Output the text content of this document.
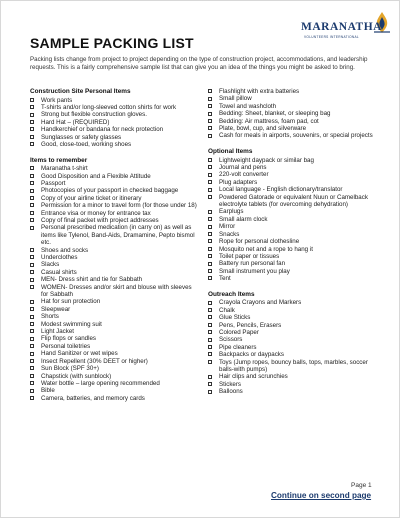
MARANATHA
VOLUNTEERS INTERNATIONAL
SAMPLE PACKING LIST
Packing lists change from project to project depending on the type of construction project, accommodations, and leadership requests. This is a fairly comprehensive sample list that can give you an idea of the things you might be asked to bring.
Construction Site Personal Items
Work pants
T-shirts and/or long-sleeved cotton shirts for work
Strong but flexible construction gloves.
Hard Hat – (REQUIRED)
Handkerchief or bandana for neck protection
Sunglasses or safety glasses
Good, close-toed, working shoes
Items to remember
Maranatha t-shirt
Good Disposition and a Flexible Attitude
Passport
Photocopies of your passport in checked baggage
Copy of your airline ticket or itinerary
Permission for a minor to travel form (for those under 18)
Entrance visa or money for entrance tax
Copy of final packet with project addresses
Personal prescribed medication (in carry on) as well as items like Tylenol, Band-Aids, Dramamine, Pepto bismol etc.
Shoes and socks
Underclothes
Slacks
Casual shirts
MEN- Dress shirt and tie for Sabbath
WOMEN- Dresses and/or skirt and blouse with sleeves for Sabbath
Hat for sun protection
Sleepwear
Shorts
Modest swimming suit
Light Jacket
Flip flops or sandles
Personal toiletries
Hand Sanitizer or wet wipes
Insect Repellent (30% DEET or higher)
Sun Block (SPF 30+)
Chapstick (with sunblock)
Water bottle – large opening recommended
Bible
Camera, batteries, and memory cards
Flashlight with extra batteries
Small pillow
Towel and washcloth
Bedding: Sheet, blanket, or sleeping bag
Bedding: Air mattress, foam pad, cot
Plate, bowl, cup, and silverware
Cash for meals in airports, souvenirs, or special projects
Optional Items
Lightweight daypack or similar bag
Journal and pens
220-volt converter
Plug adapters
Local language - English dictionary/translator
Powdered Gatorade or equivalent Nuun or Camelback electrolyte tablets (for overcoming dehydration)
Earplugs
Small alarm clock
Mirror
Snacks
Rope for personal clothesline
Mosquito net and a rope to hang it
Toilet paper or tissues
Battery run personal fan
Small instrument you play
Tent
Outreach Items
Crayola Crayons and Markers
Chalk
Glue Sticks
Pens, Pencils, Erasers
Colored Paper
Scissors
Pipe cleaners
Backpacks or daypacks
Toys (Jump ropes, bouncy balls, tops, marbles, soccer balls-with pumps)
Hair clips and scrunchies
Stickers
Balloons
Page 1
Continue on second page
